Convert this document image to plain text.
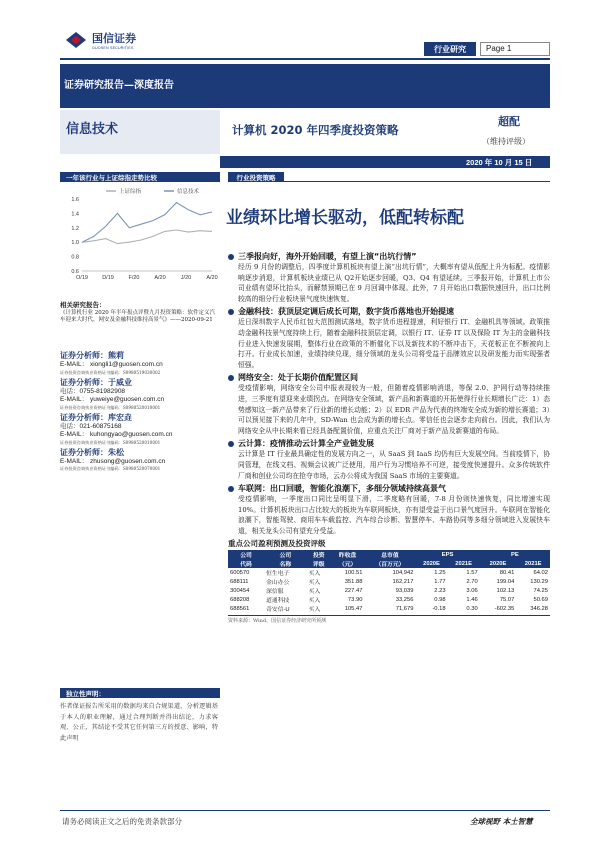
国信证券
GUOSEN SECURITIES	行业研究	Page 1
证券研究报告—深度报告
信息技术	计算机 2020 年四季度投资策略
超配
（维持评级）
2020 年 10 月 15 日
一年该行业与上证综指走势比较
上证综指	信息技术
1.6
1.4
1.2
1.0
0.8
0.6
O/19	D/19	F/20	A/20	J/20	A/20
相关研究报告：
《计算机行业 2020 年半年报点评暨九月投资策略：软件定义汽车迎来大时代，网安及金融科技维持高景气》——2020-09-21
证券分析师：熊莉
E-MAIL： xiongli1@guosen.com.cn
证券投资咨询执业资格证书编码：S0980519030002
证券分析师：于威业
电话：0755-81982908
E-MAIL： yuweiye@guosen.com.cn
证券投资咨询执业资格证书编码：S0980520010001
证券分析师：库宏垚
电话：021-60875168
E-MAIL： kuhongyao@guosen.com.cn
证券投资咨询执业资格证书编码：S0980520010001
证券分析师：朱松
E-MAIL： zhusong@guosen.com.cn
证券投资咨询执业资格证书编码：S0980520070001
独立性声明：
作者保证报告所采用的数据均来自合规渠道，分析逻辑基于本人的职业理解，通过合理判断并得出结论，力求客观、公正，其结论不受其它任何第三方的授意、影响，特此声明
行业投资策略
业绩环比增长驱动，低配转标配
三季报向好，海外开始回暖，有望上演“出坑行情”
经历 9 月份的调整后，四季度计算机板块有望上演“出坑行情”，大概率有望从低配上升为标配。疫情影响逐步消退，计算机板块业绩已从 Q2开始逐步回暖，Q3、Q4 有望延续。三季报开始，计算机上市公司业绩有望环比抬头，而解禁预期已在 9 月回调中体现。此外，7 月开始出口数据快速回升，出口比例较高的细分行业板块景气度快速恢复。
金融科技：获顶层定调后成长可期，数字货币落地也开始提速
近日深圳数字人民币红包大范围测试落地，数字货币进程提速，利好银行 IT、金融机具等领域。政策推动金融科技景气度持续上行，随着金融科技顶层定调，以银行 IT、证券 IT 以及保险 IT 为主的金融科技行业进入快速发展期，整体行业在政策的不断催化下以及新技术的不断冲击下，天花板正在不断被向上打开。行业成长加速，业绩持续兑现，细分领域的龙头公司将受益于品牌效应以及研发能力而实现强者恒强。
网络安全：处于长期价值配置区间
受疫情影响，网络安全公司中报表现较为一般，但随着疫情影响消退，等保 2.0、护网行动等持续推进，三季度有望迎来业绩拐点。在网络安全领域，新产品和新赛道的开拓使得行业长期增长广泛：1）态势感知这一新产品带来了行业新的增长动能；2）以 EDR 产品为代表的终端安全成为新的增长赛道；3）可以预见接下来的几年中，SD-Wan 也会成为新的增长点。零信任也会逐步走向前台。因此，我们认为网络安全从中长期来看已经具备配置价值，应重点关注厂商对于新产品及新赛道的布局。
云计算：疫情推动云计算全产业链发展
云计算是 IT 行业最具确定性的发展方向之一，从 SaaS 到 IaaS 均仍有巨大发展空间。当前疫情下，协同管理，在线文档、视频会议被广泛使用，用户行为习惯培养不可逆，接受度快速提升。众多传统软件厂商和创业公司均在抢夺市场，云办公将成为我国 SaaS 市场的主要赛道。
车联网：出口回暖，智能化浪潮下，多细分领域持续高景气
受疫情影响，一季度出口同比呈明显下滑，二季度略有回暖，7-8 月份则快速恢复，同比增速实现 10%。计算机板块出口占比较大的板块为车联网板块，亦有望受益于出口景气度回升。车联网在智能化浪潮下，智能驾驶、商用车车载监控、汽车综合诊断、智慧停车、车路协同等多细分领域进入发展快车道，相关龙头公司有望充分受益。
重点公司盈利预测及投资评级
公司	公司	投资	昨收盘	总市值	EPS		PE	
代码	名称	评级	（元）	（百万元）	2020E	2021E	2020E	2021E
600570	恒生电子	买入	100.51	104,942	1.25	1.57	80.41	64.02
688111	金山办公	买入	351.88	162,217	1.77	2.70	199.04	130.29
300454	深信服	买入	227.47	93,039	2.23	3.06	102.13	74.25
688208	道通科技	买入	73.90	33,256	0.98	1.46	75.07	50.69
688561	奇安信-U	买入	105.47	71,679	-0.18	0.30	-602.35	346.28
资料来源：Wind、国信证券经济研究所预测
请务必阅读正文之后的免责条款部分	全球视野 本土智慧
